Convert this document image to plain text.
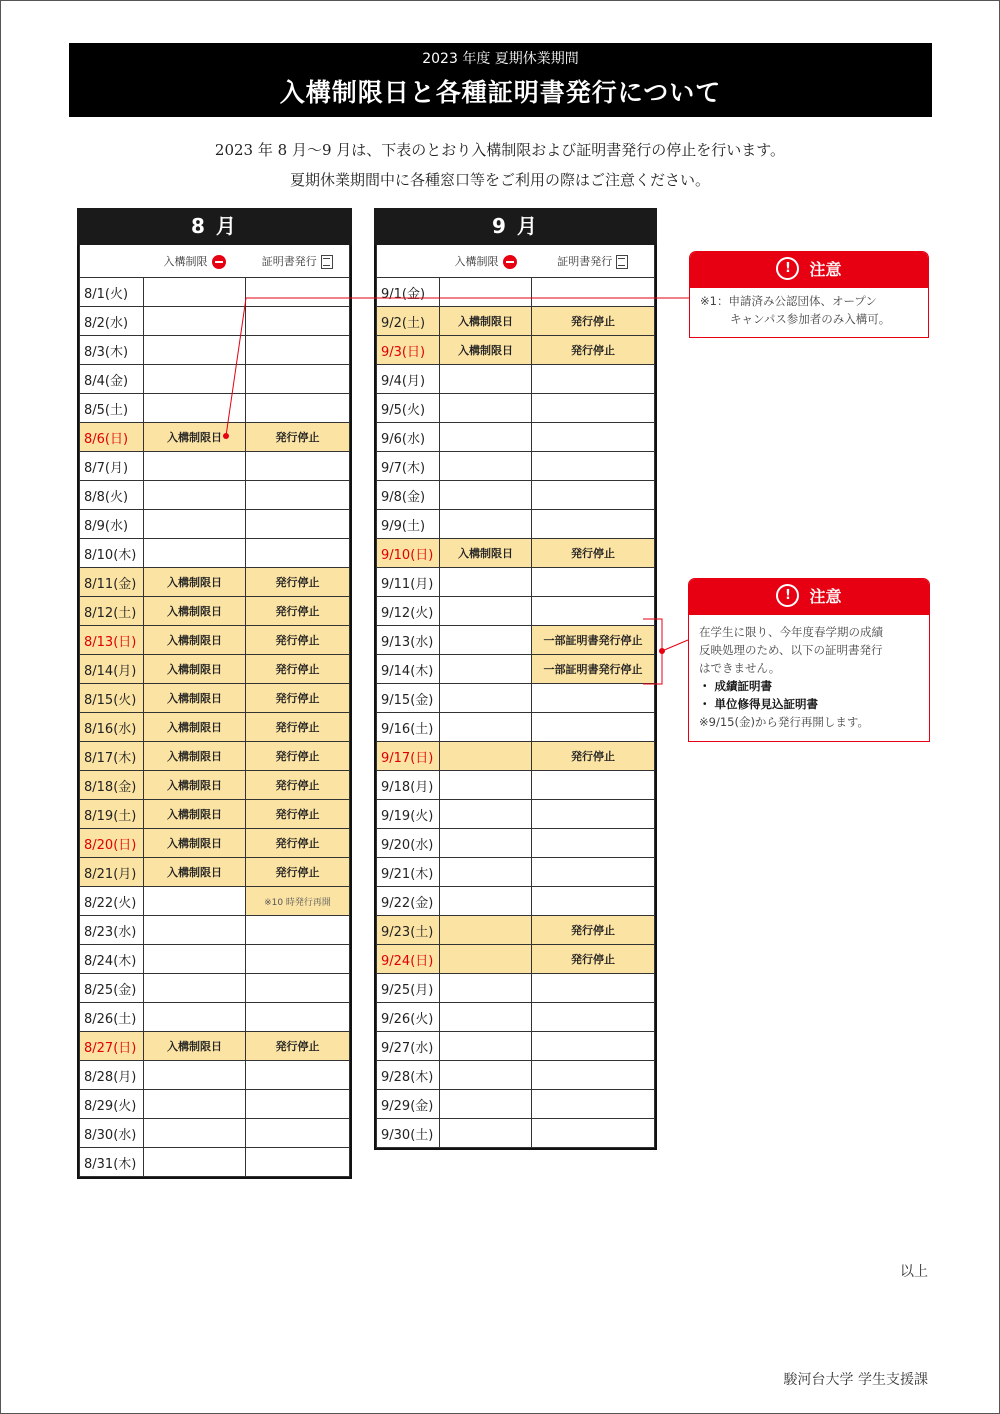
2023 年度 夏期休業期間
入構制限日と各種証明書発行について
2023 年 8 月〜9 月は、下表のとおり入構制限および証明書発行の停止を行います。
夏期休業期間中に各種窓口等をご利用の際はご注意ください。
8 月
	入構制限	証明書発行
8/1(火)		
8/2(水)		
8/3(木)		
8/4(金)		
8/5(土)		
8/6(日)	入構制限日	発行停止
8/7(月)		
8/8(火)		
8/9(水)		
8/10(木)		
8/11(金)	入構制限日	発行停止
8/12(土)	入構制限日	発行停止
8/13(日)	入構制限日	発行停止
8/14(月)	入構制限日	発行停止
8/15(火)	入構制限日	発行停止
8/16(水)	入構制限日	発行停止
8/17(木)	入構制限日	発行停止
8/18(金)	入構制限日	発行停止
8/19(土)	入構制限日	発行停止
8/20(日)	入構制限日	発行停止
8/21(月)	入構制限日	発行停止
8/22(火)		※10 時発行再開
8/23(水)		
8/24(木)		
8/25(金)		
8/26(土)		
8/27(日)	入構制限日	発行停止
8/28(月)		
8/29(火)		
8/30(水)		
8/31(木)		
9 月
	入構制限	証明書発行
9/1(金)		
9/2(土)	入構制限日	発行停止
9/3(日)	入構制限日	発行停止
9/4(月)		
9/5(火)		
9/6(水)		
9/7(木)		
9/8(金)		
9/9(土)		
9/10(日)	入構制限日	発行停止
9/11(月)		
9/12(火)		
9/13(水)		一部証明書発行停止
9/14(木)		一部証明書発行停止
9/15(金)		
9/16(土)		
9/17(日)		発行停止
9/18(月)		
9/19(火)		
9/20(水)		
9/21(木)		
9/22(金)		
9/23(土)		発行停止
9/24(日)		発行停止
9/25(月)		
9/26(火)		
9/27(水)		
9/28(木)		
9/29(金)		
9/30(土)		
! 注意
※1：申請済み公認団体、オープン
キャンパス参加者のみ入構可。
! 注意
在学生に限り、今年度春学期の成績
反映処理のため、以下の証明書発行
はできません。
・ 成績証明書
・ 単位修得見込証明書
※9/15(金)から発行再開します。
以上
駿河台大学 学生支援課
